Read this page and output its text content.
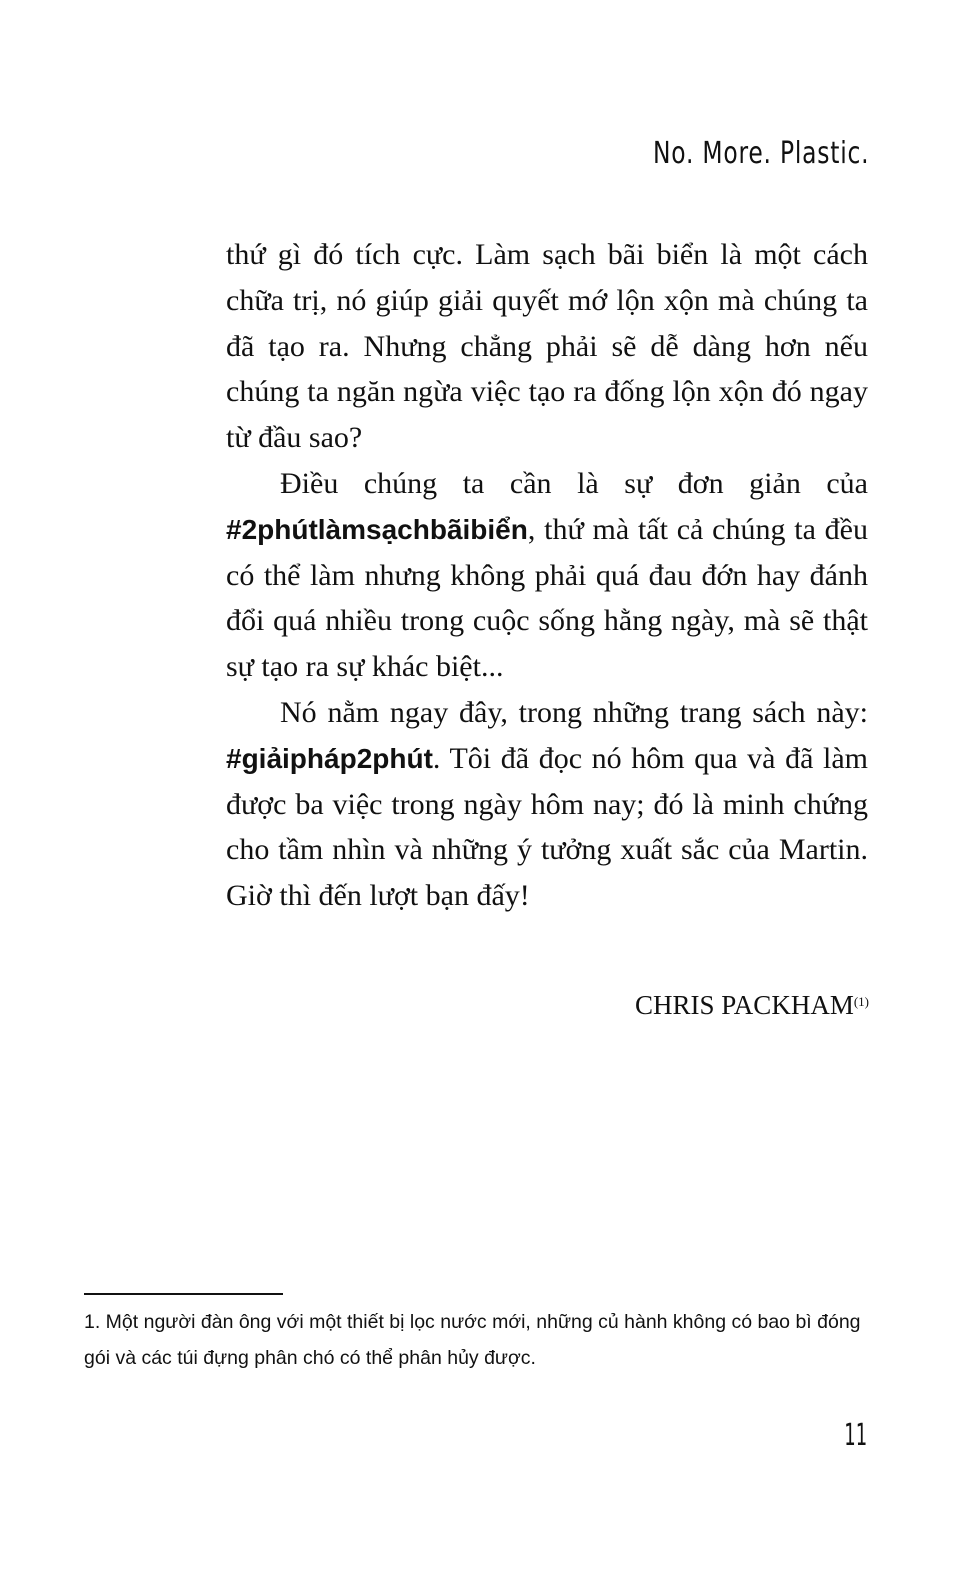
No. More. Plastic.

thứ gì đó tích cực. Làm sạch bãi biển là một cách chữa trị, nó giúp giải quyết mớ lộn xộn mà chúng ta đã tạo ra. Nhưng chẳng phải sẽ dễ dàng hơn nếu chúng ta ngăn ngừa việc tạo ra đống lộn xộn đó ngay từ đầu sao?

Điều chúng ta cần là sự đơn giản của #2phútlàmsạchbãibiển, thứ mà tất cả chúng ta đều có thể làm nhưng không phải quá đau đớn hay đánh đổi quá nhiều trong cuộc sống hằng ngày, mà sẽ thật sự tạo ra sự khác biệt...

Nó nằm ngay đây, trong những trang sách này: #giảipháp2phút. Tôi đã đọc nó hôm qua và đã làm được ba việc trong ngày hôm nay; đó là minh chứng cho tầm nhìn và những ý tưởng xuất sắc của Martin. Giờ thì đến lượt bạn đấy!

CHRIS PACKHAM$^{(1)}$

1. Một người đàn ông với một thiết bị lọc nước mới, những củ hành không có bao bì đóng gói và các túi đựng phân chó có thể phân hủy được.

11
